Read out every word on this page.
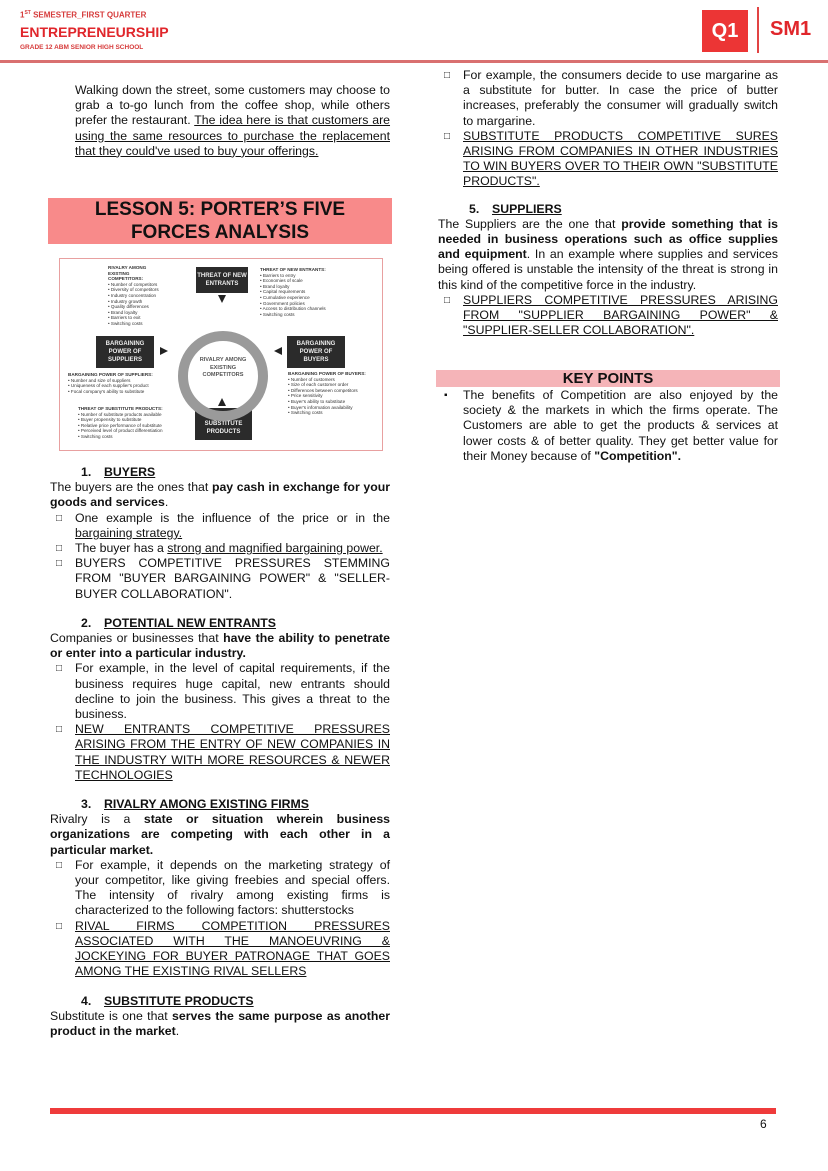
1ST SEMESTER_FIRST QUARTER
ENTREPRENEURSHIP
GRADE 12 ABM SENIOR HIGH SCHOOL
Q1	SM1
Walking down the street, some customers may choose to grab a to-go lunch from the coffee shop, while others prefer the restaurant. The idea here is that customers are using the same resources to purchase the replacement that they could've used to buy your offerings.
LESSON 5: PORTER’S FIVE
FORCES ANALYSIS
THREAT OF NEW ENTRANTS
BARGAINING POWER OF SUPPLIERS
BARGAINING POWER OF BUYERS
THREAT OF SUBSTITUTE PRODUCTS
RIVALRY AMONG EXISTING COMPETITORS
RIVALRY AMONG EXISTING COMPETITORS:
• Number of competitors
• Diversity of competitors
• Industry concentration
• Industry growth
• Quality differences
• Brand loyalty
• Barriers to exit
• Switching costs
THREAT OF NEW ENTRANTS:
• Barriers to entry
• Economies of scale
• Brand loyalty
• Capital requirements
• Cumulative experience
• Government policies
• Access to distribution channels
• Switching costs
BARGAINING POWER OF SUPPLIERS:
• Number and size of suppliers
• Uniqueness of each supplier's product
• Focal company's ability to substitute
THREAT OF SUBSTITUTE PRODUCTS:
• Number of substitute products available
• Buyer propensity to substitute
• Relative price performance of substitute
• Perceived level of product differentiation
• Switching costs
BARGAINING POWER OF BUYERS:
• Number of customers
• Size of each customer order
• Differences between competitors
• Price sensitivity
• Buyer's ability to substitute
• Buyer's information availability
• Switching costs
1. BUYERS
The buyers are the ones that pay cash in exchange for your goods and services.
□ One example is the influence of the price or in the bargaining strategy.
□ The buyer has a strong and magnified bargaining power.
□ BUYERS COMPETITIVE PRESSURES STEMMING FROM "BUYER BARGAINING POWER" & "SELLER- BUYER COLLABORATION".
2. POTENTIAL NEW ENTRANTS
Companies or businesses that have the ability to penetrate or enter into a particular industry.
□ For example, in the level of capital requirements, if the business requires huge capital, new entrants should decline to join the business. This gives a threat to the business.
□ NEW ENTRANTS COMPETITIVE PRESSURES ARISING FROM THE ENTRY OF NEW COMPANIES IN THE INDUSTRY WITH MORE RESOURCES & NEWER TECHNOLOGIES
3. RIVALRY AMONG EXISTING FIRMS
Rivalry is a state or situation wherein business organizations are competing with each other in a particular market.
□ For example, it depends on the marketing strategy of your competitor, like giving freebies and special offers. The intensity of rivalry among existing firms is characterized to the following factors: shutterstocks
□ RIVAL FIRMS COMPETITION PRESSURES ASSOCIATED WITH THE MANOEUVRING & JOCKEYING FOR BUYER PATRONAGE THAT GOES AMONG THE EXISTING RIVAL SELLERS
4. SUBSTITUTE PRODUCTS
Substitute is one that serves the same purpose as another product in the market.
□ For example, the consumers decide to use margarine as a substitute for butter. In case the price of butter increases, preferably the consumer will gradually switch to margarine.
□ SUBSTITUTE PRODUCTS COMPETITIVE SURES ARISING FROM COMPANIES IN OTHER INDUSTRIES TO WIN BUYERS OVER TO THEIR OWN "SUBSTITUTE PRODUCTS".
5. SUPPLIERS
The Suppliers are the one that provide something that is needed in business operations such as office supplies and equipment. In an example where supplies and services being offered is unstable the intensity of the threat is strong in this kind of the competitive force in the industry.
□ SUPPLIERS COMPETITIVE PRESSURES ARISING FROM "SUPPLIER BARGAINING POWER" & "SUPPLIER-SELLER COLLABORATION".
KEY POINTS
▪ The benefits of Competition are also enjoyed by the society & the markets in which the firms operate. The Customers are able to get the products & services at lower costs & of better quality. They get better value for their Money because of "Competition".
6
